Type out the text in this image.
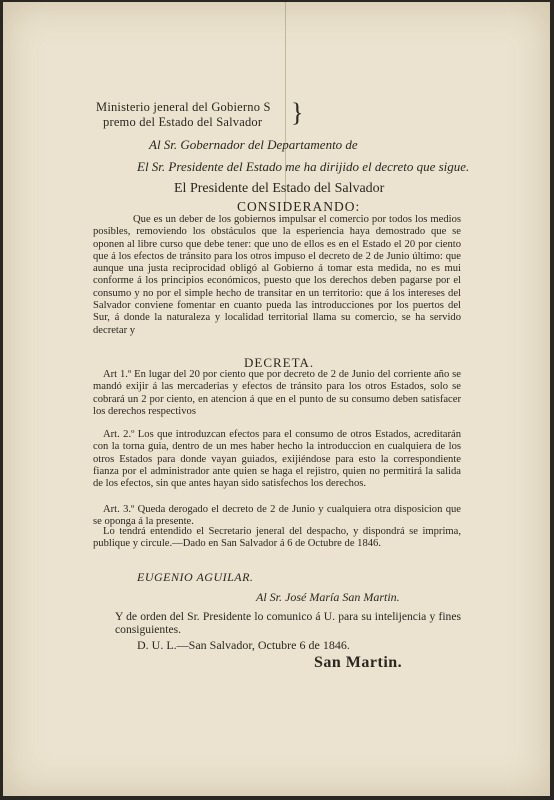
Ministerio jeneral del Gobierno S
premo del Estado del Salvador }
Al Sr. Gobernador del Departamento de
El Sr. Presidente del Estado me ha dirijido el decreto que sigue.
El Presidente del Estado del Salvador
CONSIDERANDO:
Que es un deber de los gobiernos impulsar el comercio por todos los medios posibles, removiendo los obstáculos que la esperiencia haya demostrado que se oponen al libre curso que debe tener: que uno de ellos es en el Estado el 20 por ciento que á los efectos de tránsito para los otros impuso el decreto de 2 de Junio último: que aunque una justa reciprocidad obligó al Gobierno á tomar esta medida, no es mui conforme á los principios económicos, puesto que los derechos deben pagarse por el consumo y no por el simple hecho de transitar en un territorio: que á los intereses del Salvador conviene fomentar en cuanto pueda las introducciones por los puertos del Sur, á donde la naturaleza y localidad territorial llama su comercio, se ha servido decretar y
DECRETA.
Art 1.º En lugar del 20 por ciento que por decreto de 2 de Junio del corriente año se mandó exijir á las mercaderias y efectos de tránsito para los otros Estados, solo se cobrará un 2 por ciento, en atencion á que en el punto de su consumo deben satisfacer los derechos respectivos
Art. 2.º Los que introduzcan efectos para el consumo de otros Estados, acreditarán con la torna guia, dentro de un mes haber hecho la introduccion en cualquiera de los otros Estados para donde vayan guiados, exijiéndose para esto la correspondiente fianza por el administrador ante quien se haga el rejistro, quien no permitirá la salida de los efectos, sin que antes hayan sido satisfechos los derechos.
Art. 3.º Queda derogado el decreto de 2 de Junio y cualquiera otra disposicion que se oponga á la presente.
Lo tendrá entendido el Secretario jeneral del despacho, y dispondrá se imprima, publique y circule.—Dado en San Salvador á 6 de Octubre de 1846.
EUGENIO AGUILAR.
Al Sr. José María San Martin.
Y de orden del Sr. Presidente lo comunico á U. para su intelijencia y fines consiguientes.
D. U. L.—San Salvador, Octubre 6 de 1846.
San Martin.
